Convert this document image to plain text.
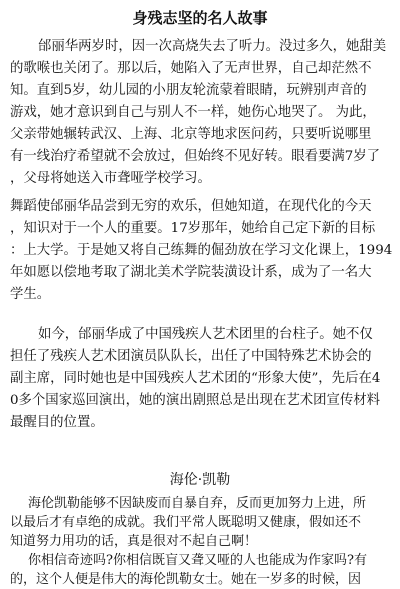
身残志坚的名人故事
邰丽华两岁时，因一次高烧失去了听力。没过多久，她甜美
的歌喉也关闭了。那以后，她陷入了无声世界，自己却茫然不
知。直到5岁，幼儿园的小朋友轮流蒙着眼睛，玩辨别声音的
游戏，她才意识到自己与别人不一样，她伤心地哭了。 为此，
父亲带她辗转武汉、上海、北京等地求医问药，只要听说哪里
有一线治疗希望就不会放过，但始终不见好转。眼看要满7岁了
，父母将她送入市聋哑学校学习。
舞蹈使邰丽华品尝到无穷的欢乐，但她知道，在现代化的今天
，知识对于一个人的重要。17岁那年，她给自己定下新的目标
：上大学。于是她又将自己练舞的倔劲放在学习文化课上，1994
年如愿以偿地考取了湖北美术学院装潢设计系，成为了一名大
学生。
如今，邰丽华成了中国残疾人艺术团里的台柱子。她不仅
担任了残疾人艺术团演员队队长，出任了中国特殊艺术协会的
副主席，同时她也是中国残疾人艺术团的“形象大使”，先后在4
0多个国家巡回演出，她的演出剧照总是出现在艺术团宣传材料
最醒目的位置。
海伦·凯勒
海伦凯勒能够不因缺废而自暴自弃，反而更加努力上进，所
以最后才有卓绝的成就。我们平常人既聪明又健康，假如还不
知道努力用功的话，真是很对不起自己啊！
你相信奇迹吗?你相信既盲又聋又哑的人也能成为作家吗?有
的，这个人便是伟大的海伦凯勒女士。她在一岁多的时候，因
